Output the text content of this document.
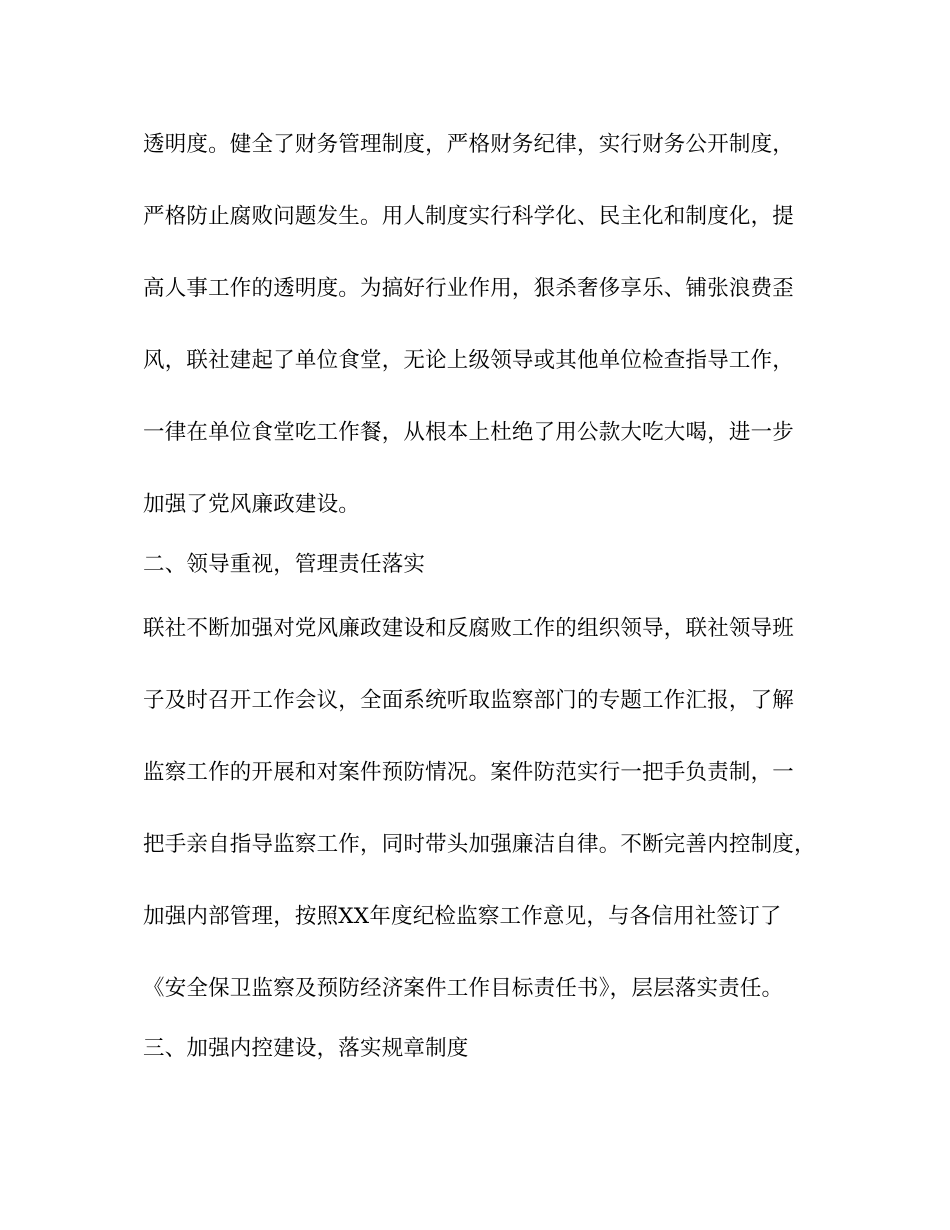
透明度。健全了财务管理制度，严格财务纪律，实行财务公开制度，
严格防止腐败问题发生。用人制度实行科学化、民主化和制度化，提
高人事工作的透明度。为搞好行业作用，狠杀奢侈享乐、铺张浪费歪
风，联社建起了单位食堂，无论上级领导或其他单位检查指导工作，
一律在单位食堂吃工作餐，从根本上杜绝了用公款大吃大喝，进一步
加强了党风廉政建设。
二、领导重视，管理责任落实
联社不断加强对党风廉政建设和反腐败工作的组织领导，联社领导班
子及时召开工作会议，全面系统听取监察部门的专题工作汇报，了解
监察工作的开展和对案件预防情况。案件防范实行一把手负责制，一
把手亲自指导监察工作，同时带头加强廉洁自律。不断完善内控制度，
加强内部管理，按照XX年度纪检监察工作意见，与各信用社签订了
《安全保卫监察及预防经济案件工作目标责任书》，层层落实责任。
三、加强内控建设，落实规章制度
